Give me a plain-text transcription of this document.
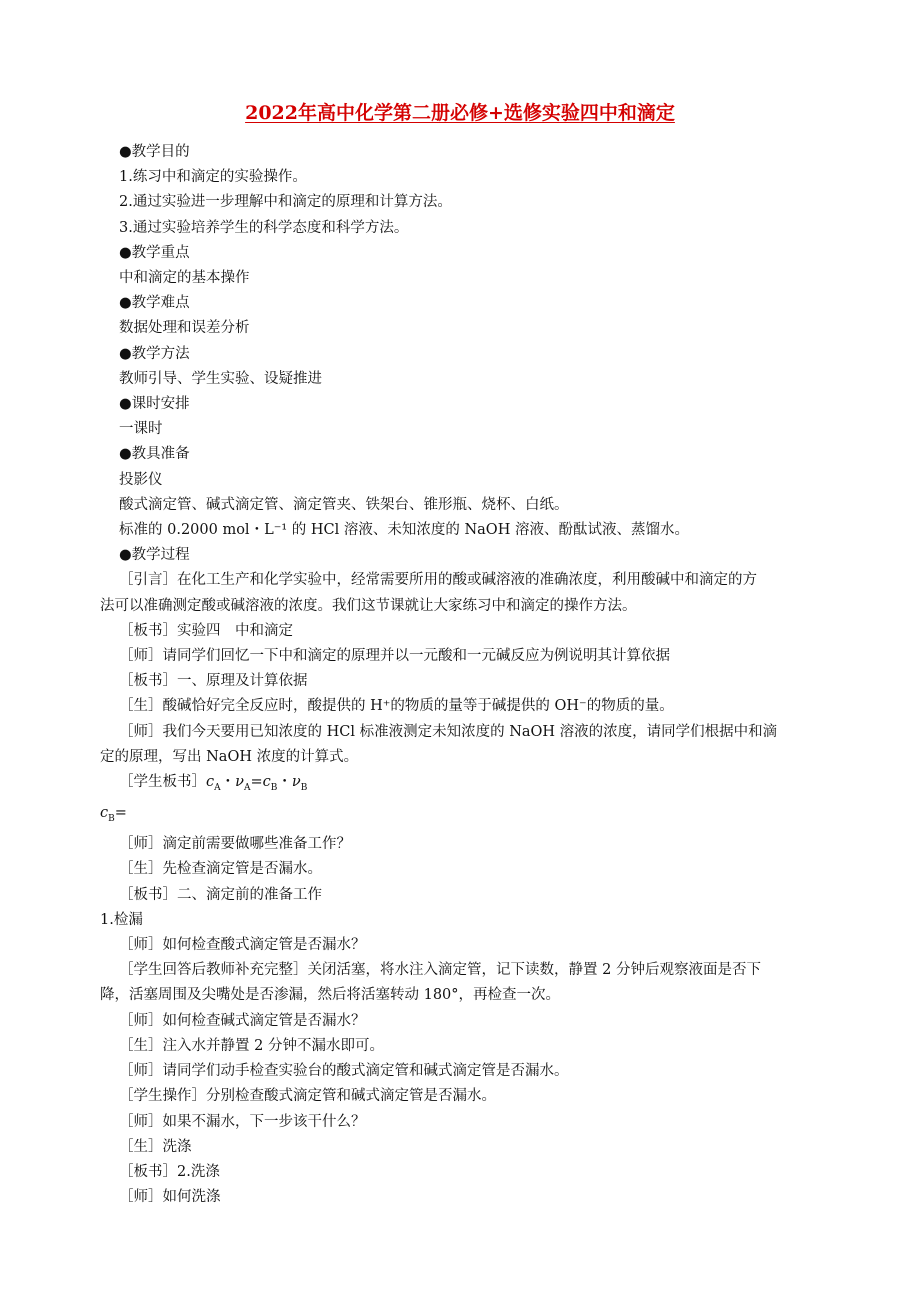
2022年高中化学第二册必修+选修实验四中和滴定
●教学目的
1.练习中和滴定的实验操作。
2.通过实验进一步理解中和滴定的原理和计算方法。
3.通过实验培养学生的科学态度和科学方法。
●教学重点
中和滴定的基本操作
●教学难点
数据处理和误差分析
●教学方法
教师引导、学生实验、设疑推进
●课时安排
一课时
●教具准备
投影仪
酸式滴定管、碱式滴定管、滴定管夹、铁架台、锥形瓶、烧杯、白纸。
标准的 0.2000 mol・L⁻¹ 的 HCl 溶液、未知浓度的 NaOH 溶液、酚酞试液、蒸馏水。
●教学过程
［引言］在化工生产和化学实验中，经常需要所用的酸或碱溶液的准确浓度，利用酸碱中和滴定的方
法可以准确测定酸或碱溶液的浓度。我们这节课就让大家练习中和滴定的操作方法。
［板书］实验四　中和滴定
［师］请同学们回忆一下中和滴定的原理并以一元酸和一元碱反应为例说明其计算依据
［板书］一、原理及计算依据
［生］酸碱恰好完全反应时，酸提供的 H⁺的物质的量等于碱提供的 OH⁻的物质的量。
［师］我们今天要用已知浓度的 HCl 标准液测定未知浓度的 NaOH 溶液的浓度，请同学们根据中和滴
定的原理，写出 NaOH 浓度的计算式。
［学生板书$]c_A$・$\nu_A=c_B$・$\nu_B$
$c_B=$
［师］滴定前需要做哪些准备工作？
［生］先检查滴定管是否漏水。
［板书］二、滴定前的准备工作
1.检漏
［师］如何检查酸式滴定管是否漏水？
［学生回答后教师补充完整］关闭活塞，将水注入滴定管，记下读数，静置 2 分钟后观察液面是否下
降，活塞周围及尖嘴处是否渗漏，然后将活塞转动 180°，再检查一次。
［师］如何检查碱式滴定管是否漏水？
［生］注入水并静置 2 分钟不漏水即可。
［师］请同学们动手检查实验台的酸式滴定管和碱式滴定管是否漏水。
［学生操作］分别检查酸式滴定管和碱式滴定管是否漏水。
［师］如果不漏水，下一步该干什么？
［生］洗涤
［板书］2.洗涤
［师］如何洗涤
